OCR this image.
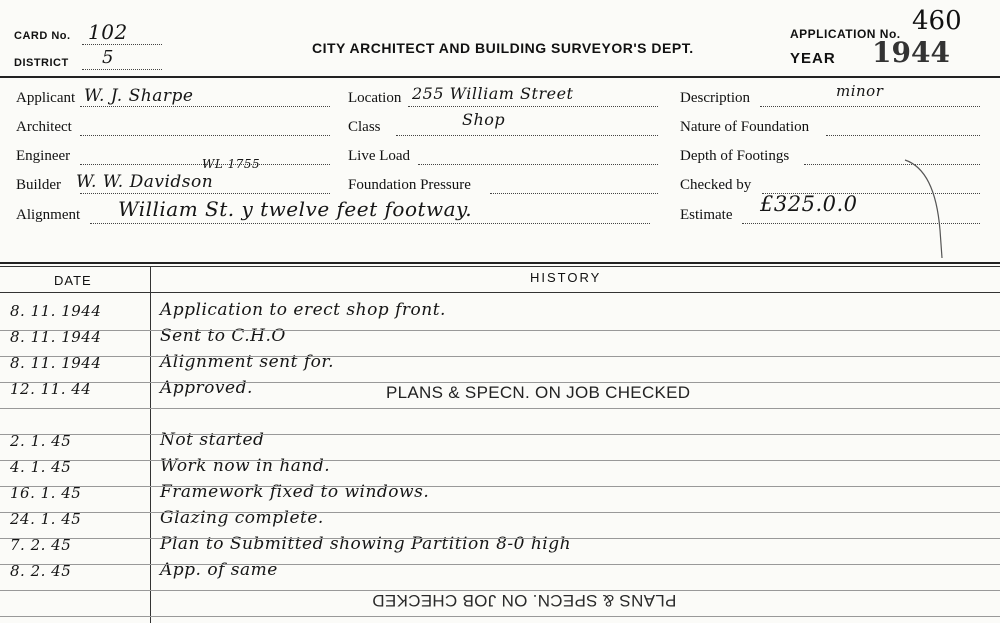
CARD No. 102
DISTRICT 5	CITY ARCHITECT AND BUILDING SURVEYOR'S DEPT.
APPLICATION No. 460
YEAR 1944
Applicant W. J. Sharpe
Architect
Engineer	WL 1755
Builder W. W. Davidson
Alignment William St. y twelve feet footway.
Location 255 William Street
Class	Shop
Live Load
Foundation Pressure
Description	minor
Nature of Foundation
Depth of Footings
Checked by
Estimate £325.0.0
DATE	HISTORY
8. 11. 1944	Application to erect shop front.
8. 11. 1944	Sent to C.H.O
8. 11. 1944	Alignment sent for.
12. 11. 44	Approved.
2. 1. 45	Not started
4. 1. 45	Work now in hand.
16. 1. 45	Framework fixed to windows.
24. 1. 45	Glazing complete.
7. 2. 45	Plan to Submitted showing Partition 8-0 high
8. 2. 45	App. of same
PLANS & SPECN. ON JOB CHECKED
PLANS & SPECN. ON JOB CHECKED
